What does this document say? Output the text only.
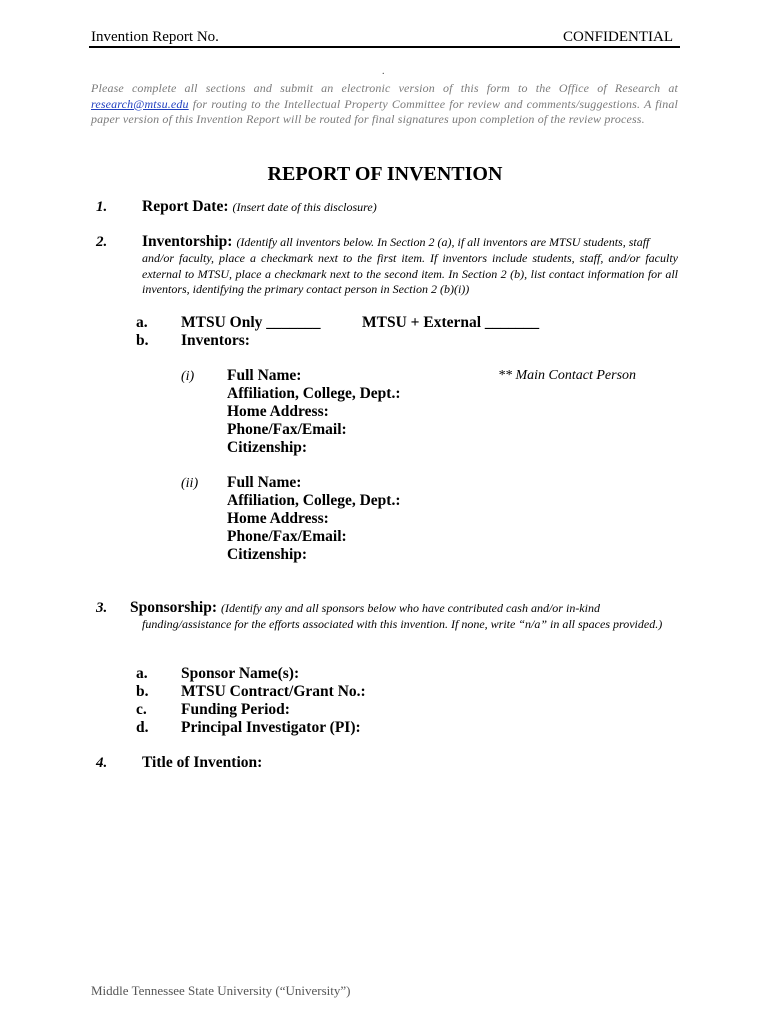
Invention Report No.	CONFIDENTIAL
.
Please complete all sections and submit an electronic version of this form to the Office of Research at research@mtsu.edu for routing to the Intellectual Property Committee for review and comments/suggestions. A final paper version of this Invention Report will be routed for final signatures upon completion of the review process.
REPORT OF INVENTION
1. Report Date: (Insert date of this disclosure)
2. Inventorship: (Identify all inventors below. In Section 2 (a), if all inventors are MTSU students, staff
and/or faculty, place a checkmark next to the first item. If inventors include students, staff, and/or faculty external to MTSU, place a checkmark next to the second item. In Section 2 (b), list contact information for all inventors, identifying the primary contact person in Section 2 (b)(i))
a. MTSU Only _______	MTSU + External _______
b. Inventors:
(i) Full Name:
Affiliation, College, Dept.:
Home Address:
Phone/Fax/Email:
Citizenship:
** Main Contact Person
(ii) Full Name:
Affiliation, College, Dept.:
Home Address:
Phone/Fax/Email:
Citizenship:
3. Sponsorship: (Identify any and all sponsors below who have contributed cash and/or in-kind
funding/assistance for the efforts associated with this invention. If none, write “n/a” in all spaces provided.)
a.
b.
c.
d.
Sponsor Name(s):
MTSU Contract/Grant No.:
Funding Period:
Principal Investigator (PI):
4. Title of Invention:
Middle Tennessee State University (“University”)
